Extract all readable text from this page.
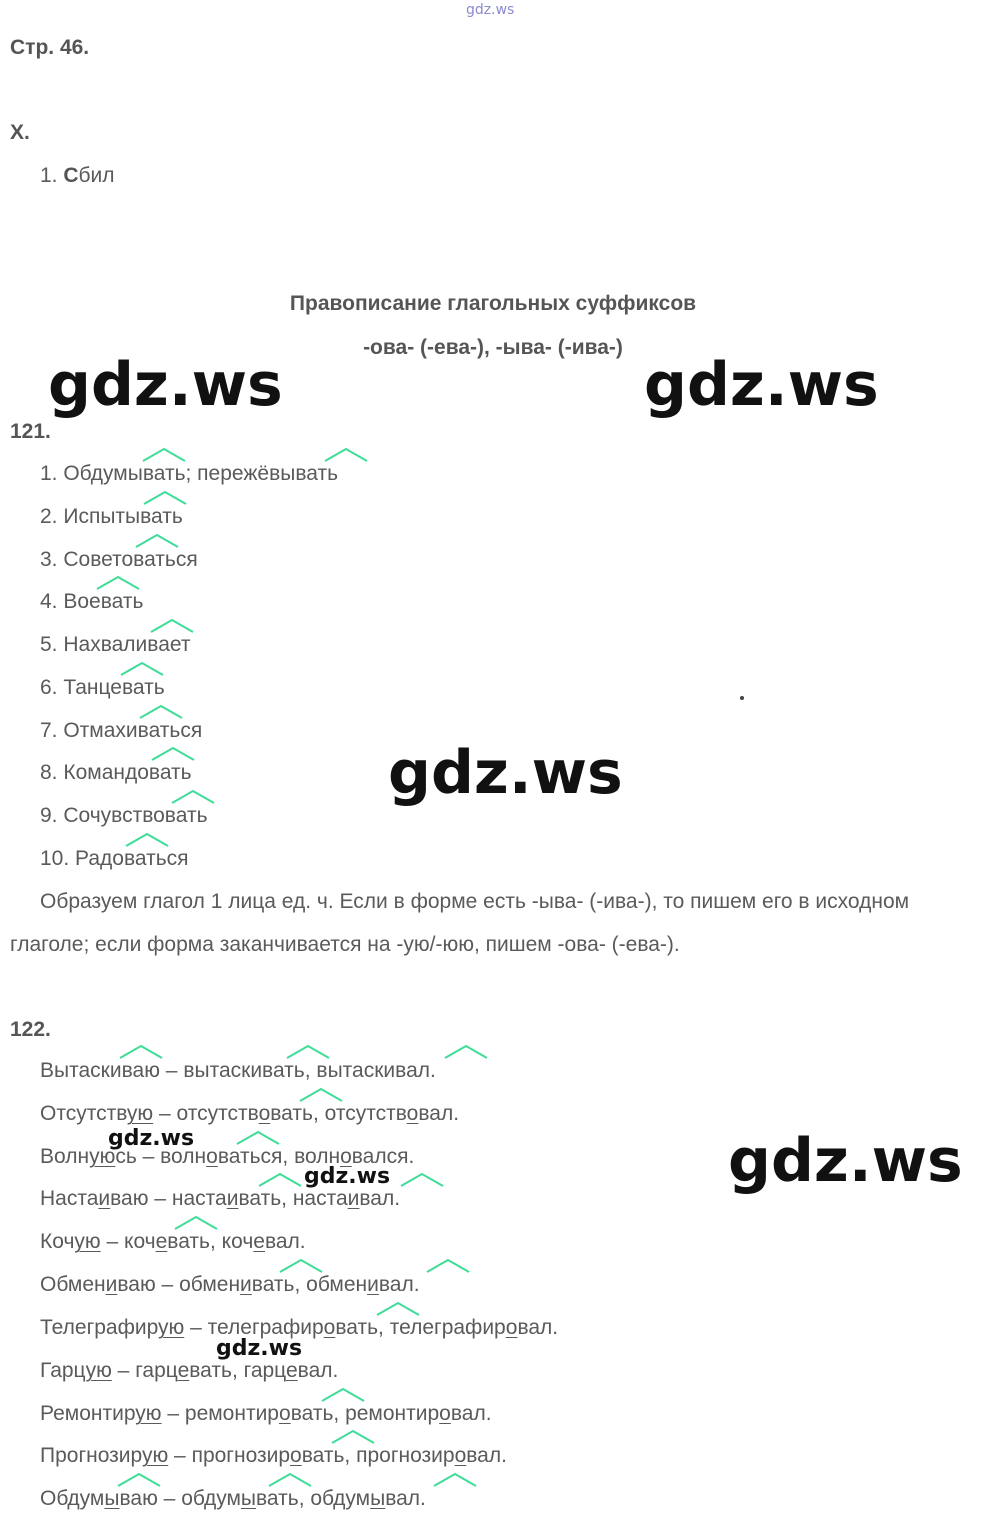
gdz.ws
Стр. 46.
X.
1. Сбил
Правописание глагольных суффиксов
-ова- (-ева-), -ыва- (-ива-)
gdz.ws	gdz.ws
121.
1. Обдумывать; пережёвывать
2. Испытывать
3. Советоваться
4. Воевать
5. Нахваливает
6. Танцевать
7. Отмахиваться
8. Командовать
9. Сочувствовать
10. Радоваться
gdz.ws
Образуем глагол 1 лица ед. ч. Если в форме есть -ыва- (-ива-), то пишем его в исходном глаголе; если форма заканчивается на -ую/-юю, пишем -ова- (-ева-).
122.
Вытаскиваю – вытаскивать, вытаскивал.
Отсутствую – отсутствовать, отсутствовал.
Волнуюсь – волноваться, волновался.
Настаиваю – настаивать, настаивал.
Кочую – кочевать, кочевал.
Обмениваю – обменивать, обменивал.
Телеграфирую – телеграфировать, телеграфировал.
Гарцую – гарцевать, гарцевал.
Ремонтирую – ремонтировать, ремонтировал.
Прогнозирую – прогнозировать, прогнозировал.
Обдумываю – обдумывать, обдумывал.
gdz.ws
gdz.ws
gdz.ws
gdz.ws
